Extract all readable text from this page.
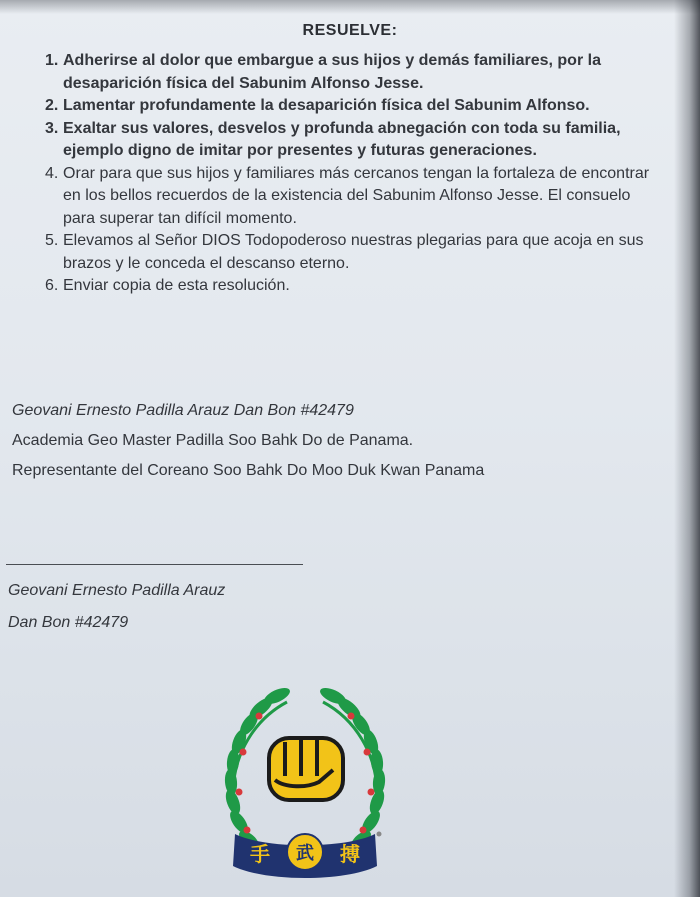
RESUELVE:
1. Adherirse al dolor que embargue a sus hijos y demás familiares, por la desaparición física del Sabunim Alfonso Jesse.
2. Lamentar profundamente la desaparición física del Sabunim Alfonso.
3. Exaltar sus valores, desvelos y profunda abnegación con toda su familia, ejemplo digno de imitar por presentes y futuras generaciones.
4. Orar para que sus hijos y familiares más cercanos tengan la fortaleza de encontrar en los bellos recuerdos de la existencia del Sabunim Alfonso Jesse. El consuelo para superar tan difícil momento.
5. Elevamos al Señor DIOS Todopoderoso nuestras plegarias para que acoja en sus brazos y le conceda el descanso eterno.
6. Enviar copia de esta resolución.
Geovani Ernesto Padilla Arauz Dan Bon #42479
Academia Geo Master Padilla Soo Bahk Do de Panama.
Representante del Coreano Soo Bahk Do Moo Duk Kwan Panama
Geovani Ernesto Padilla Arauz
Dan Bon #42479
手 武 搏
